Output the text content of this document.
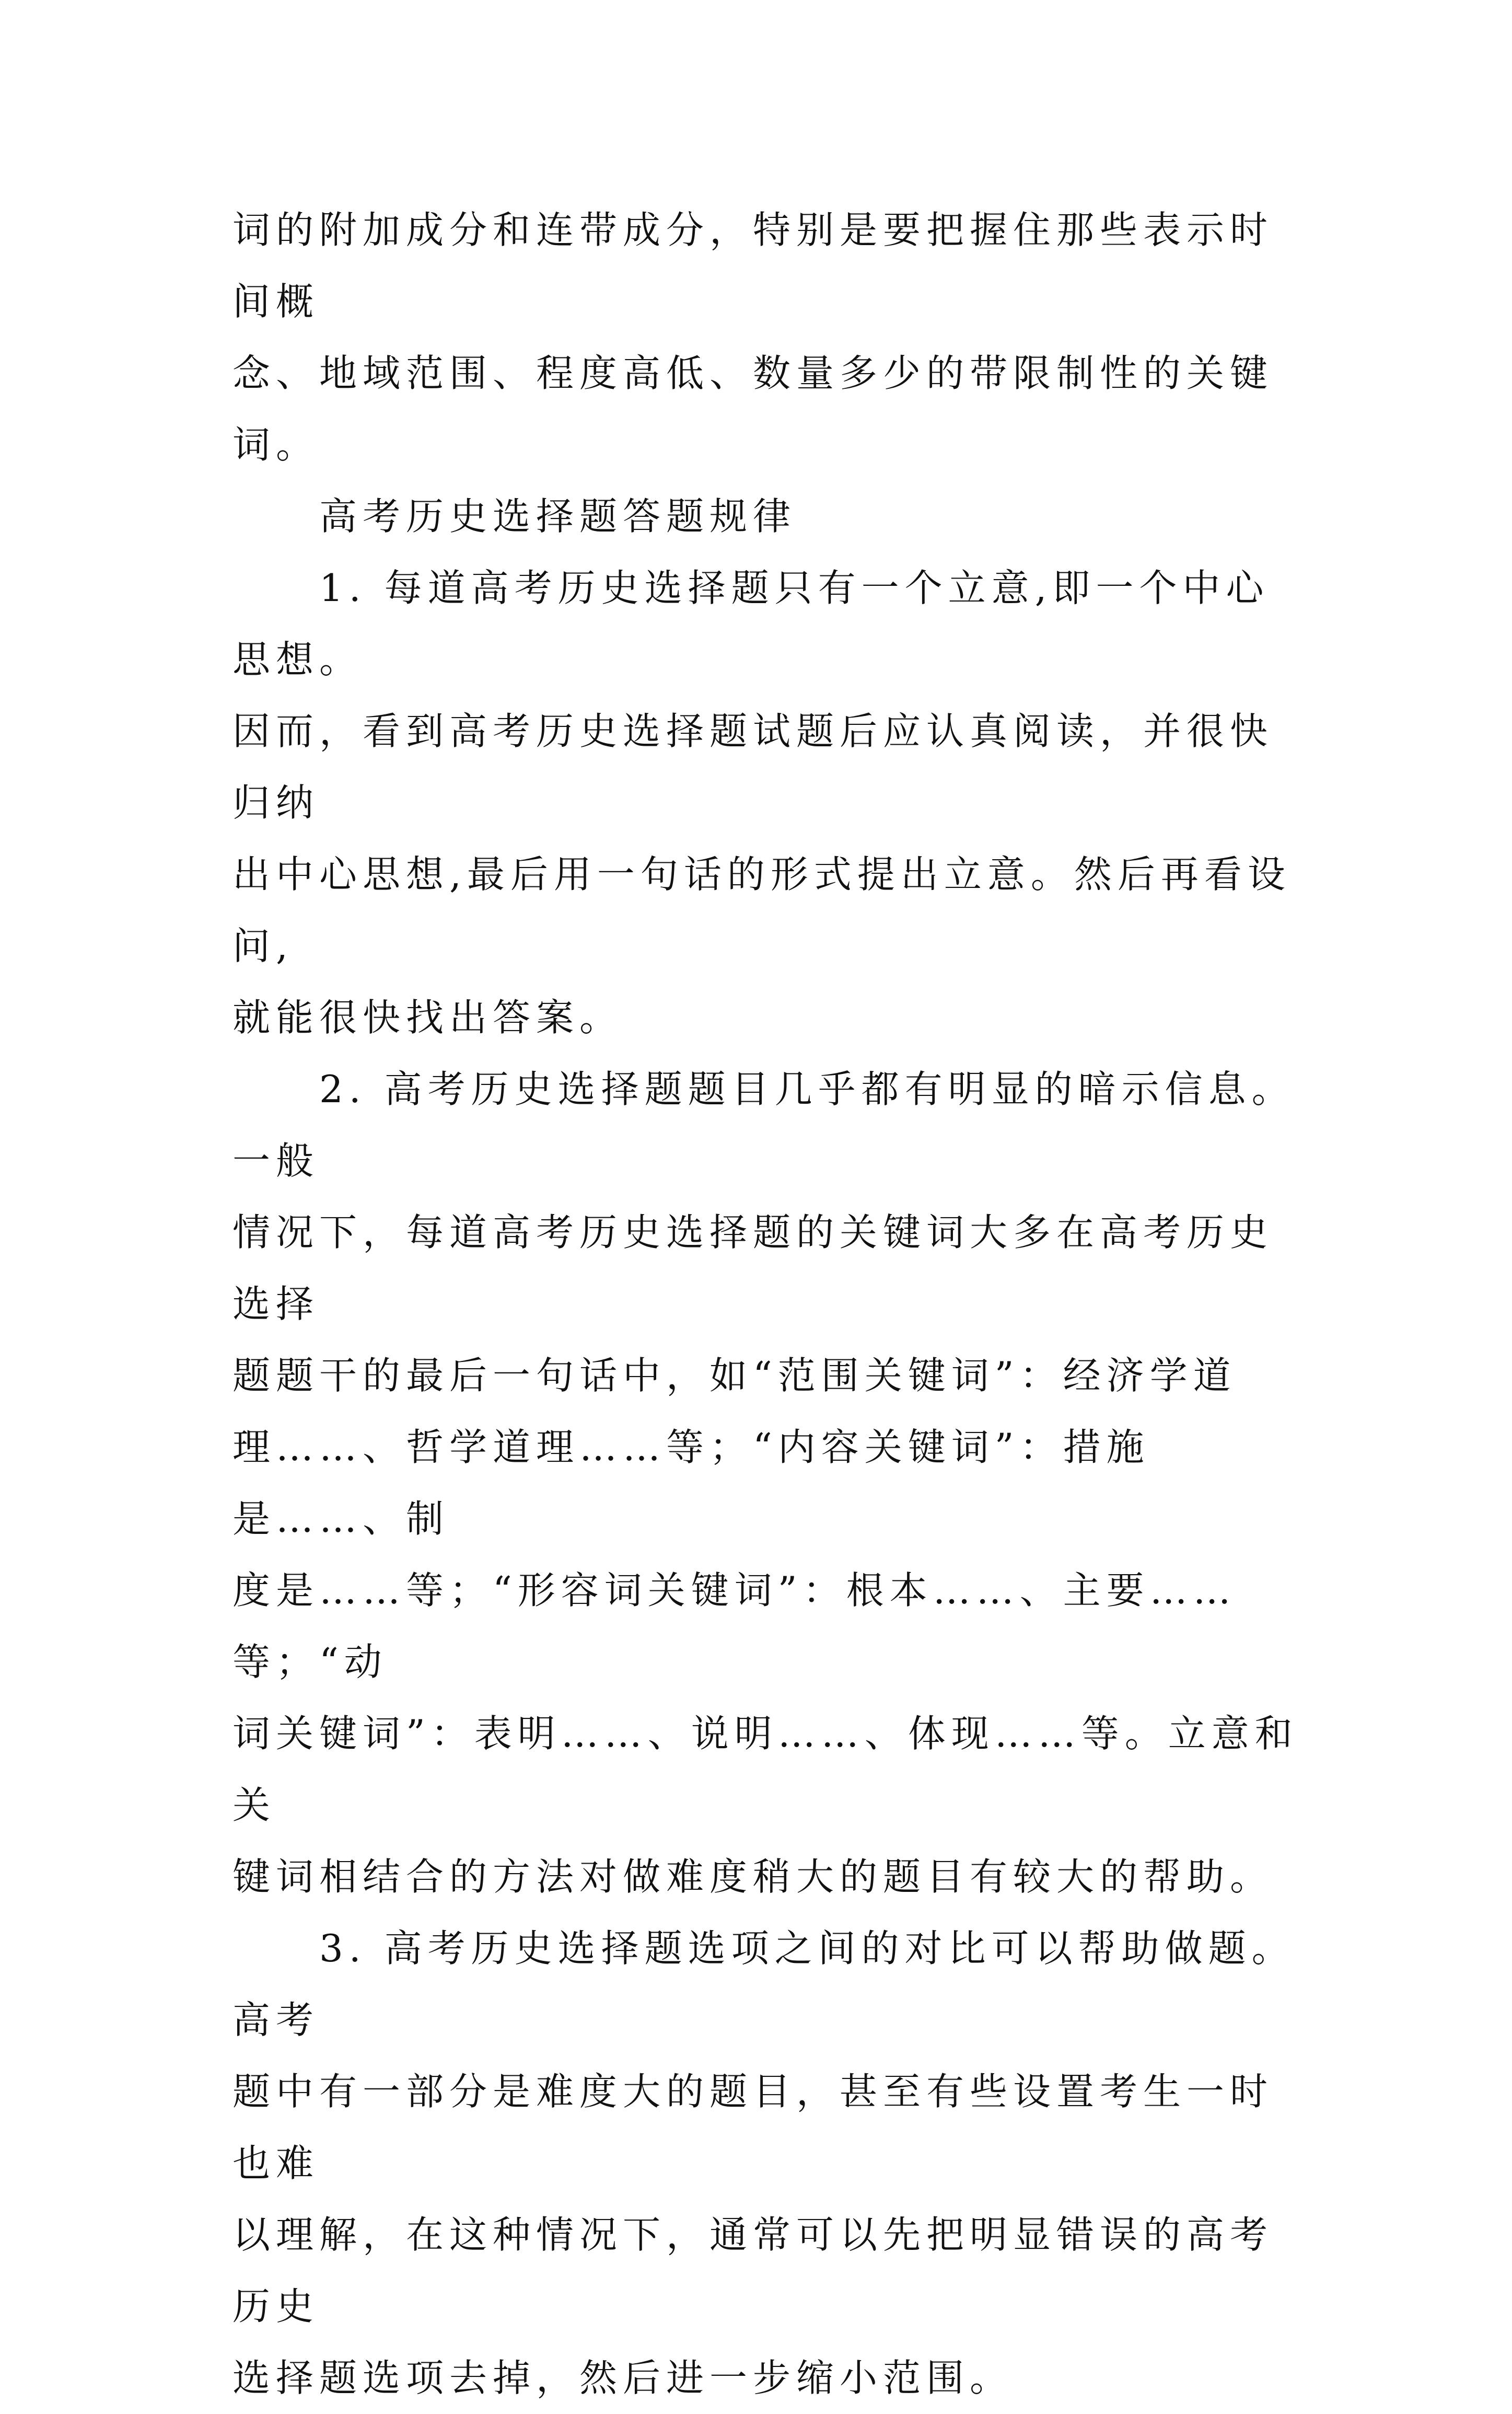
词的附加成分和连带成分，特别是要把握住那些表示时间概
念、地域范围、程度高低、数量多少的带限制性的关键词。

高考历史选择题答题规律

1. 每道高考历史选择题只有一个立意,即一个中心思想。
因而，看到高考历史选择题试题后应认真阅读，并很快归纳
出中心思想,最后用一句话的形式提出立意。然后再看设问,
就能很快找出答案。

2. 高考历史选择题题目几乎都有明显的暗示信息。一般
情况下，每道高考历史选择题的关键词大多在高考历史选择
题题干的最后一句话中，如“范围关键词”：经济学道
理……、哲学道理……等；“内容关键词”：措施是……、制
度是……等；“形容词关键词”：根本……、主要……等；“动
词关键词”：表明……、说明……、体现……等。立意和关
键词相结合的方法对做难度稍大的题目有较大的帮助。

3. 高考历史选择题选项之间的对比可以帮助做题。高考
题中有一部分是难度大的题目，甚至有些设置考生一时也难
以理解，在这种情况下，通常可以先把明显错误的高考历史
选择题选项去掉，然后进一步缩小范围。
